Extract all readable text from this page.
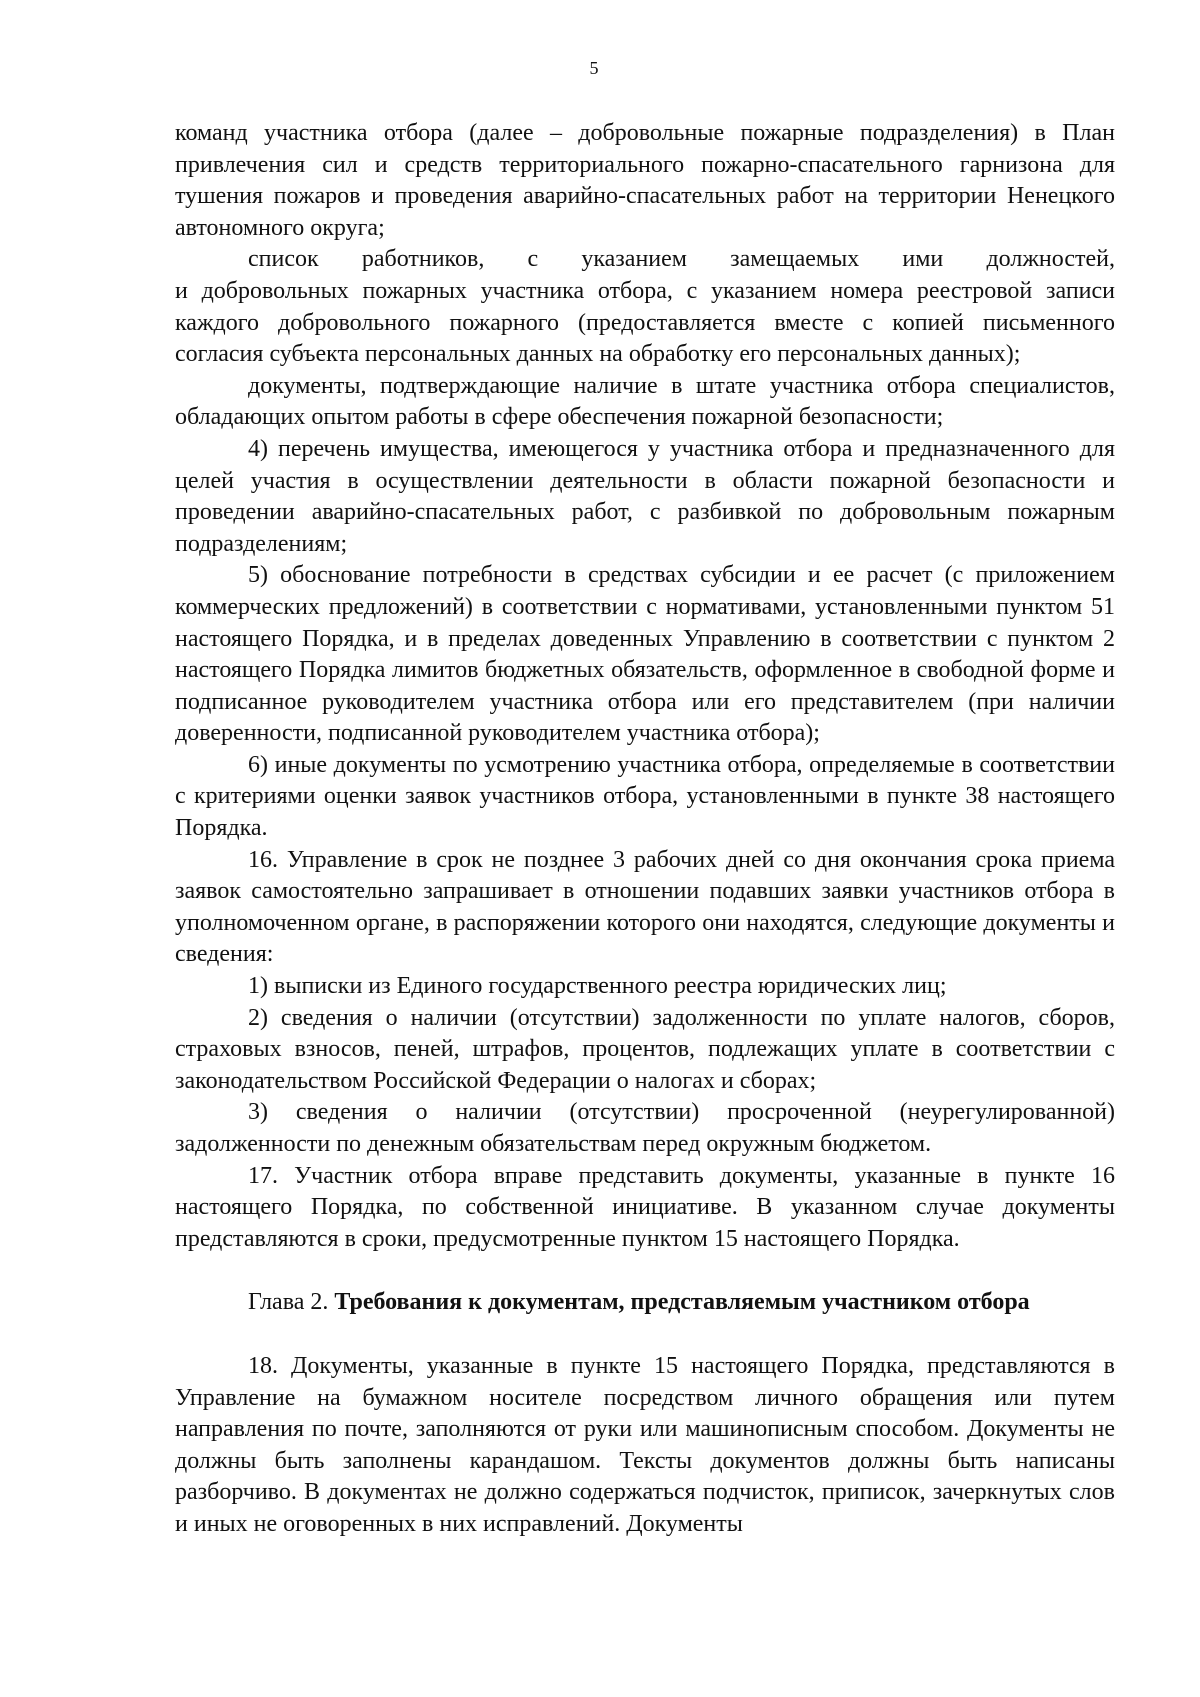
5

команд участника отбора (далее – добровольные пожарные подразделения) в План привлечения сил и средств территориального пожарно-спасательного гарнизона для тушения пожаров и проведения аварийно-спасательных работ на территории Ненецкого автономного округа;

список работников, с указанием замещаемых ими должностей,

и добровольных пожарных участника отбора, с указанием номера реестровой записи каждого добровольного пожарного (предоставляется вместе с копией письменного согласия субъекта персональных данных на обработку его персональных данных);

документы, подтверждающие наличие в штате участника отбора специалистов, обладающих опытом работы в сфере обеспечения пожарной безопасности;

4) перечень имущества, имеющегося у участника отбора и предназначенного для целей участия в осуществлении деятельности в области пожарной безопасности и проведении аварийно-спасательных работ, с разбивкой по добровольным пожарным подразделениям;

5) обоснование потребности в средствах субсидии и ее расчет (с приложением коммерческих предложений) в соответствии с нормативами, установленными пунктом 51 настоящего Порядка, и в пределах доведенных Управлению в соответствии с пунктом 2 настоящего Порядка лимитов бюджетных обязательств, оформленное в свободной форме и подписанное руководителем участника отбора или его представителем (при наличии доверенности, подписанной руководителем участника отбора);

6) иные документы по усмотрению участника отбора, определяемые в соответствии с критериями оценки заявок участников отбора, установленными в пункте 38 настоящего Порядка.

16. Управление в срок не позднее 3 рабочих дней со дня окончания срока приема заявок самостоятельно запрашивает в отношении подавших заявки участников отбора в уполномоченном органе, в распоряжении которого они находятся, следующие документы и сведения:

1) выписки из Единого государственного реестра юридических лиц;

2) сведения о наличии (отсутствии) задолженности по уплате налогов, сборов, страховых взносов, пеней, штрафов, процентов, подлежащих уплате в соответствии с законодательством Российской Федерации о налогах и сборах;

3) сведения о наличии (отсутствии) просроченной (неурегулированной) задолженности по денежным обязательствам перед окружным бюджетом.

17. Участник отбора вправе представить документы, указанные в пункте 16 настоящего Порядка, по собственной инициативе. В указанном случае документы представляются в сроки, предусмотренные пунктом 15 настоящего Порядка.

Глава 2. Требования к документам, представляемым участником отбора

18. Документы, указанные в пункте 15 настоящего Порядка, представляются в Управление на бумажном носителе посредством личного обращения или путем направления по почте, заполняются от руки или машинописным способом. Документы не должны быть заполнены карандашом. Тексты документов должны быть написаны разборчиво. В документах не должно содержаться подчисток, приписок, зачеркнутых слов и иных не оговоренных в них исправлений. Документы
